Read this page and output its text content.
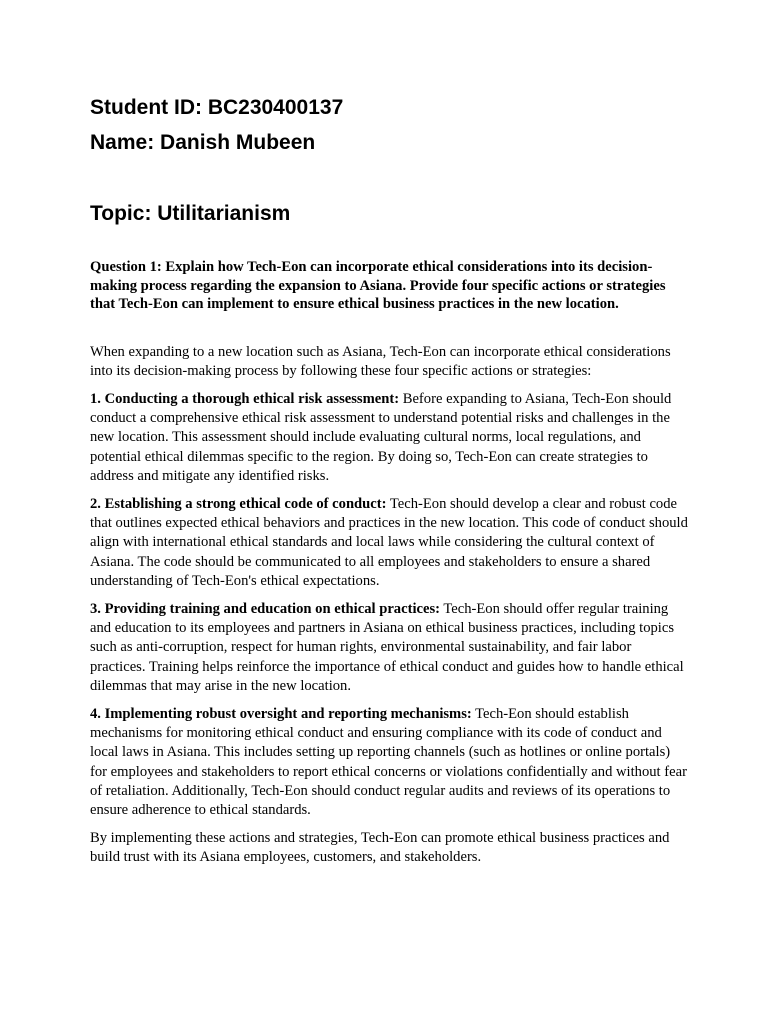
Student ID: BC230400137
Name: Danish Mubeen
Topic: Utilitarianism

Question 1: Explain how Tech-Eon can incorporate ethical considerations into its decision-making process regarding the expansion to Asiana. Provide four specific actions or strategies that Tech-Eon can implement to ensure ethical business practices in the new location.

When expanding to a new location such as Asiana, Tech-Eon can incorporate ethical considerations into its decision-making process by following these four specific actions or strategies:

1. Conducting a thorough ethical risk assessment: Before expanding to Asiana, Tech-Eon should conduct a comprehensive ethical risk assessment to understand potential risks and challenges in the new location. This assessment should include evaluating cultural norms, local regulations, and potential ethical dilemmas specific to the region. By doing so, Tech-Eon can create strategies to address and mitigate any identified risks.

2. Establishing a strong ethical code of conduct: Tech-Eon should develop a clear and robust code that outlines expected ethical behaviors and practices in the new location. This code of conduct should align with international ethical standards and local laws while considering the cultural context of Asiana. The code should be communicated to all employees and stakeholders to ensure a shared understanding of Tech-Eon's ethical expectations.

3. Providing training and education on ethical practices: Tech-Eon should offer regular training and education to its employees and partners in Asiana on ethical business practices, including topics such as anti-corruption, respect for human rights, environmental sustainability, and fair labor practices. Training helps reinforce the importance of ethical conduct and guides how to handle ethical dilemmas that may arise in the new location.

4. Implementing robust oversight and reporting mechanisms: Tech-Eon should establish mechanisms for monitoring ethical conduct and ensuring compliance with its code of conduct and local laws in Asiana. This includes setting up reporting channels (such as hotlines or online portals) for employees and stakeholders to report ethical concerns or violations confidentially and without fear of retaliation. Additionally, Tech-Eon should conduct regular audits and reviews of its operations to ensure adherence to ethical standards.

By implementing these actions and strategies, Tech-Eon can promote ethical business practices and build trust with its Asiana employees, customers, and stakeholders.
